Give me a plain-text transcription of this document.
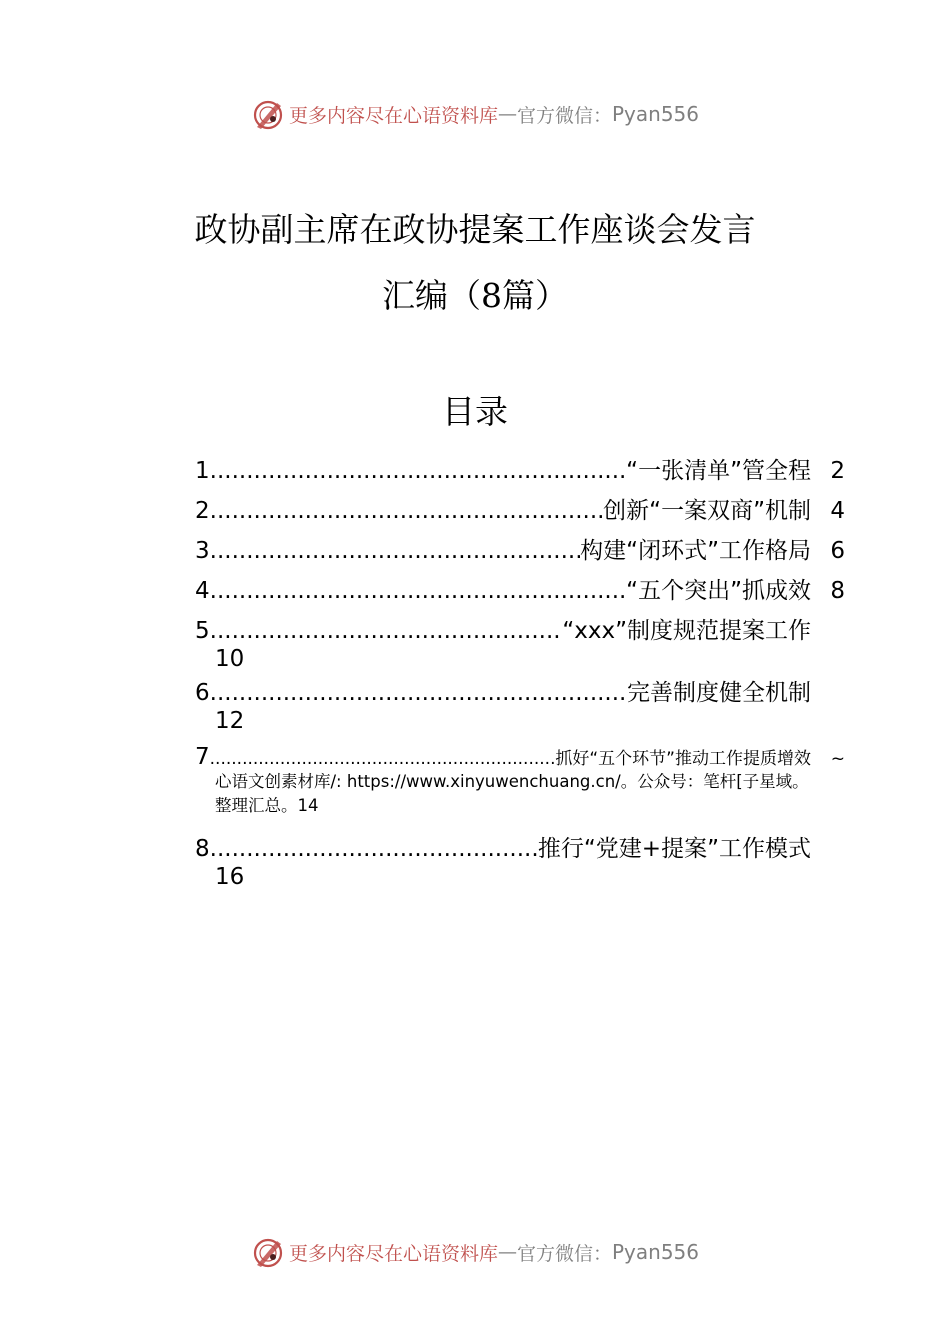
更多内容尽在心语资料库 — 官方微信： Pyan556
政协副主席在政协提案工作座谈会发言
汇编（8篇）
目录
1 .....	“一张清单”管全程 2
2 .....	创新“一案双商”机制 4
3 .....	构建“闭环式”工作格局 6
4 .....	“五个突出”抓成效 8
5 .....	“xxx”制度规范提案工作
10
6 .....	完善制度健全机制
12
7 .....	抓好“五个环节”推动工作提质增效	~
心语文创素材库/: https://www.xinyuwenchuang.cn/。公众号：笔杆[子星域。
整理汇总。14
8 .....	推行“党建+提案”工作模式
16
更多内容尽在心语资料库 — 官方微信： Pyan556
